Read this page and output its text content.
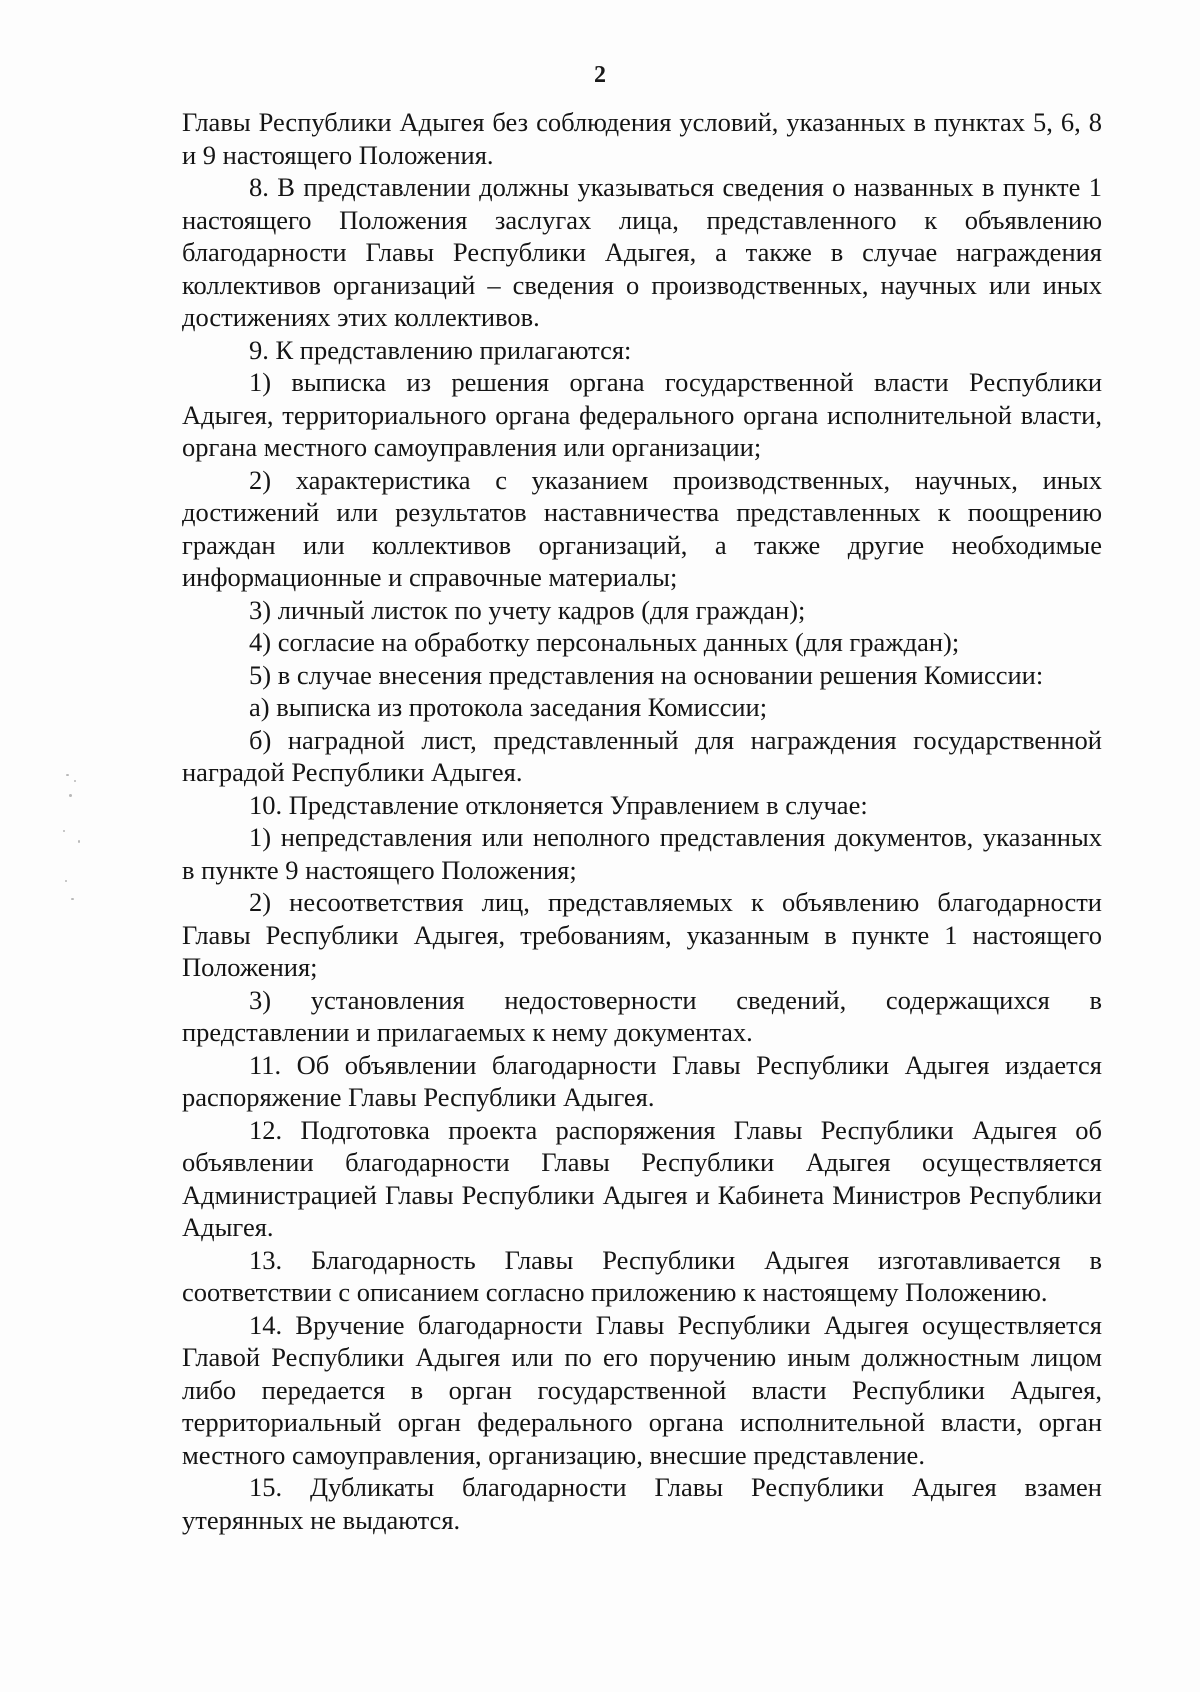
2

Главы Республики Адыгея без соблюдения условий, указанных в пунктах 5, 6, 8 и 9 настоящего Положения.

8. В представлении должны указываться сведения о названных в пункте 1 настоящего Положения заслугах лица, представленного к объявлению благодарности Главы Республики Адыгея, а также в случае награждения коллективов организаций – сведения о производственных, научных или иных достижениях этих коллективов.

9. К представлению прилагаются:

1) выписка из решения органа государственной власти Республики Адыгея, территориального органа федерального органа исполнительной власти, органа местного самоуправления или организации;

2) характеристика с указанием производственных, научных, иных достижений или результатов наставничества представленных к поощрению граждан или коллективов организаций, а также другие необходимые информационные и справочные материалы;

3) личный листок по учету кадров (для граждан);

4) согласие на обработку персональных данных (для граждан);

5) в случае внесения представления на основании решения Комиссии:

а) выписка из протокола заседания Комиссии;

б) наградной лист, представленный для награждения государственной наградой Республики Адыгея.

10. Представление отклоняется Управлением в случае:

1) непредставления или неполного представления документов, указанных в пункте 9 настоящего Положения;

2) несоответствия лиц, представляемых к объявлению благодарности Главы Республики Адыгея, требованиям, указанным в пункте 1 настоящего Положения;

3) установления недостоверности сведений, содержащихся в представлении и прилагаемых к нему документах.

11. Об объявлении благодарности Главы Республики Адыгея издается распоряжение Главы Республики Адыгея.

12. Подготовка проекта распоряжения Главы Республики Адыгея об объявлении благодарности Главы Республики Адыгея осуществляется Администрацией Главы Республики Адыгея и Кабинета Министров Республики Адыгея.

13. Благодарность Главы Республики Адыгея изготавливается в соответствии с описанием согласно приложению к настоящему Положению.

14. Вручение благодарности Главы Республики Адыгея осуществляется Главой Республики Адыгея или по его поручению иным должностным лицом либо передается в орган государственной власти Республики Адыгея, территориальный орган федерального органа исполнительной власти, орган местного самоуправления, организацию, внесшие представление.

15. Дубликаты благодарности Главы Республики Адыгея взамен утерянных не выдаются.
